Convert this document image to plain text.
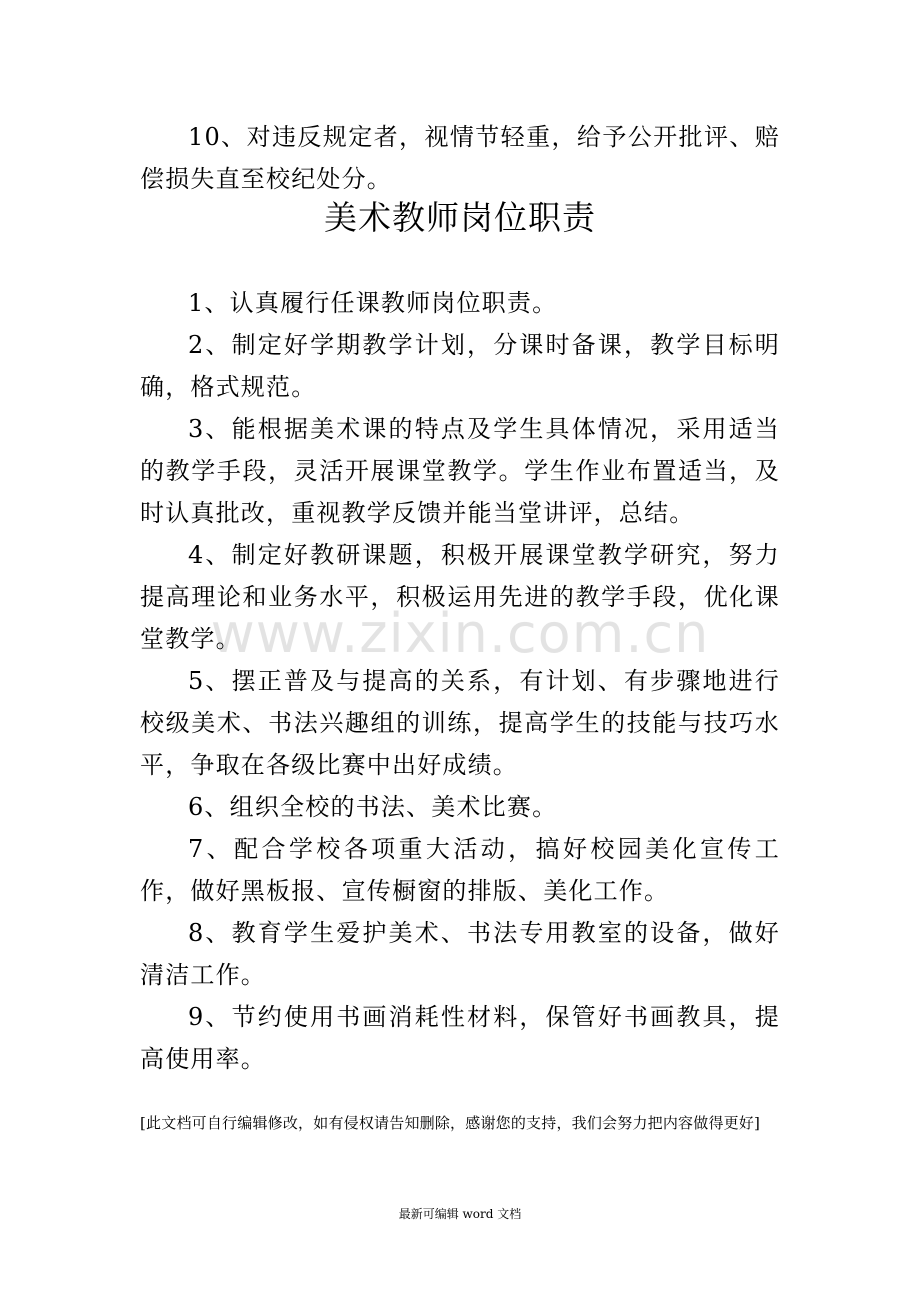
10、对违反规定者，视情节轻重，给予公开批评、赔偿损失直至校纪处分。

美术教师岗位职责

1、认真履行任课教师岗位职责。

2、制定好学期教学计划，分课时备课，教学目标明确，格式规范。

3、能根据美术课的特点及学生具体情况，采用适当的教学手段，灵活开展课堂教学。学生作业布置适当，及时认真批改，重视教学反馈并能当堂讲评，总结。

4、制定好教研课题，积极开展课堂教学研究，努力提高理论和业务水平，积极运用先进的教学手段，优化课堂教学。

5、摆正普及与提高的关系，有计划、有步骤地进行校级美术、书法兴趣组的训练，提高学生的技能与技巧水平，争取在各级比赛中出好成绩。

6、组织全校的书法、美术比赛。

7、配合学校各项重大活动，搞好校园美化宣传工作，做好黑板报、宣传橱窗的排版、美化工作。

8、教育学生爱护美术、书法专用教室的设备，做好清洁工作。

9、节约使用书画消耗性材料，保管好书画教具，提高使用率。

www.zixin.com.cn

[此文档可自行编辑修改，如有侵权请告知删除，感谢您的支持，我们会努力把内容做得更好]

最新可编辑 word 文档
